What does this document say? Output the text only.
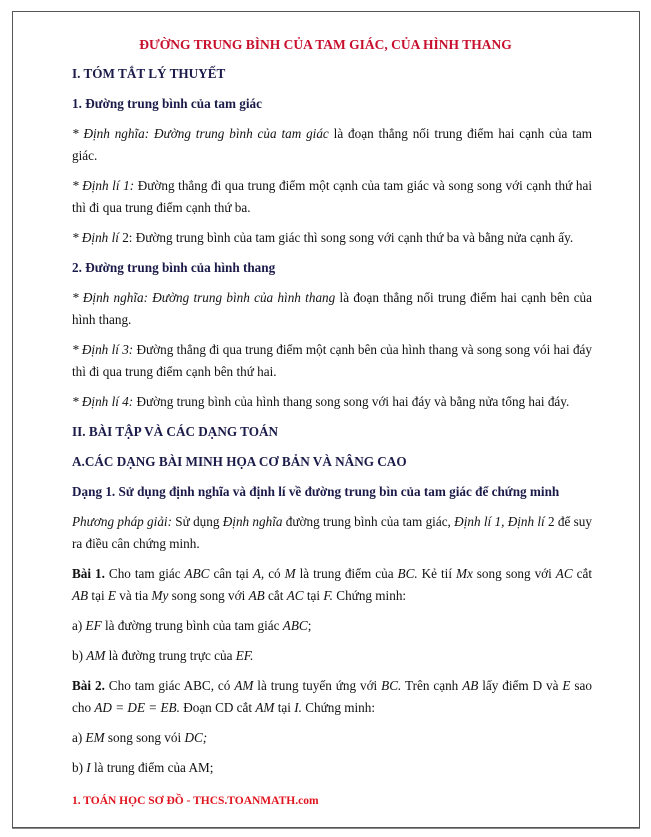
ĐƯỜNG TRUNG BÌNH CỦA TAM GIÁC, CỦA HÌNH THANG
I. TÓM TẮT LÝ THUYẾT
1. Đường trung bình của tam giác
* Định nghĩa: Đường trung bình của tam giác là đoạn thẳng nối trung điểm hai cạnh của tam giác.
* Định lí 1: Đường thẳng đi qua trung điểm một cạnh của tam giác và song song với cạnh thứ hai thì đi qua trung điểm cạnh thứ ba.
* Định lí 2: Đường trung bình của tam giác thì song song với cạnh thứ ba và bằng nửa cạnh ấy.
2. Đường trung bình của hình thang
* Định nghĩa: Đường trung bình của hình thang là đoạn thẳng nối trung điểm hai cạnh bên của hình thang.
* Định lí 3: Đường thẳng đi qua trung điểm một cạnh bên của hình thang và song song vói hai đáy thì đi qua trung điểm cạnh bên thứ hai.
* Định lí 4: Đường trung bình của hình thang song song với hai đáy và bằng nửa tổng hai đáy.
II. BÀI TẬP VÀ CÁC DẠNG TOÁN
A.CÁC DẠNG BÀI MINH HỌA CƠ BẢN VÀ NÂNG CAO
Dạng 1. Sử dụng định nghĩa và định lí về đường trung bìn của tam giác để chứng minh
Phương pháp giải: Sử dụng Định nghĩa đường trung bình của tam giác, Định lí 1, Định lí 2 để suy ra điều cân chứng minh.
Bài 1. Cho tam giác ABC cân tại A, có M là trung điểm của BC. Kẻ tií Mx song song với AC cắt AB tại E và tia My song song với AB cắt AC tại F. Chứng minh:
a) EF là đường trung bình của tam giác ABC;
b) AM là đường trung trực của EF.
Bài 2. Cho tam giác ABC, có AM là trung tuyến ứng với BC. Trên cạnh AB lấy điểm D và E sao cho AD = DE = EB. Đoạn CD cắt AM tại I. Chứng minh:
a) EM song song vói DC;
b) I là trung điểm của AM;
1. TOÁN HỌC SƠ ĐỒ - THCS.TOANMATH.com
